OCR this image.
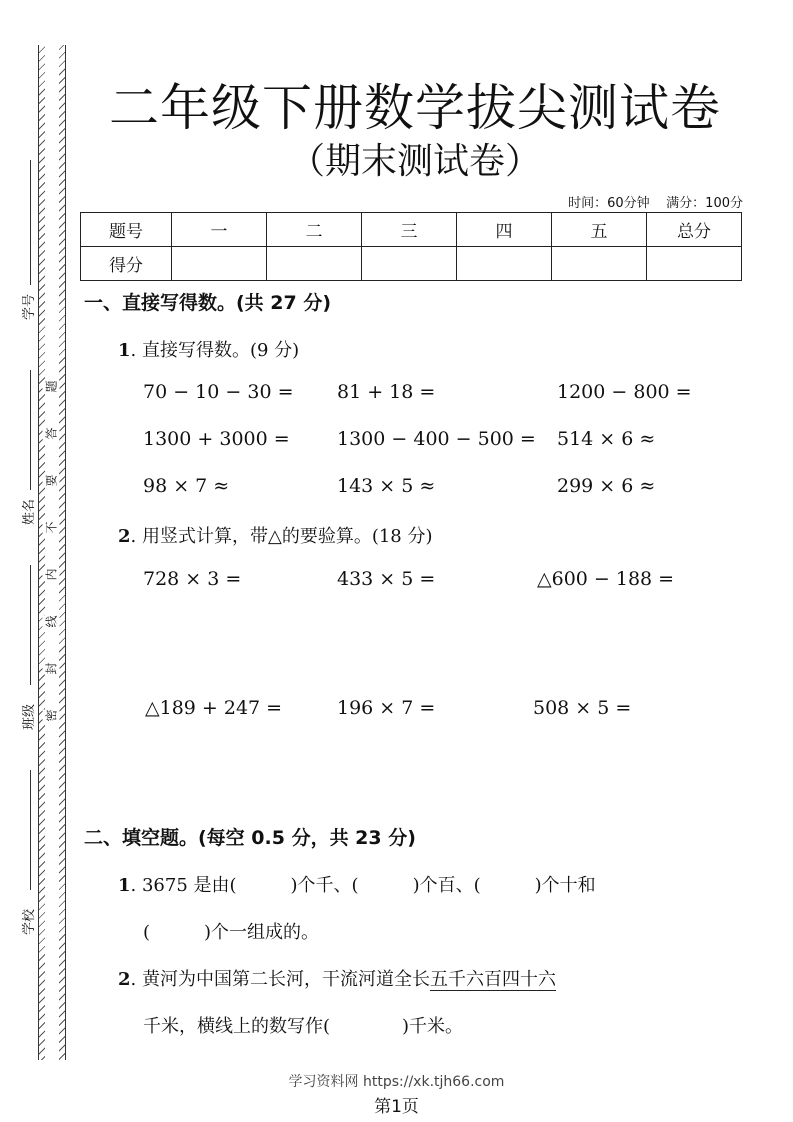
题
答
要
不
内
线
封
密
学号
姓名
班级
学校
二年级下册数学拔尖测试卷
（期末测试卷）
时间：60分钟 满分：100分
题号	一	二	三	四	五	总分
得分						
一、直接写得数。(共 27 分)
1. 直接写得数。(9 分)
70 − 10 − 30 = 81 + 18 =	1200 − 800 =
1300 + 3000 = 1300 − 400 − 500 = 514 × 6 ≈
98 × 7 ≈	143 × 5 ≈	299 × 6 ≈
2. 用竖式计算，带△的要验算。(18 分)
728 × 3 =	433 × 5 =	△600 − 188 =
△189 + 247 =	196 × 7 =	508 × 5 =
二、填空题。(每空 0.5 分，共 23 分)
1. 3675 是由(　　　)个千、(　　　)个百、(　　　)个十和
(　　　)个一组成的。
2. 黄河为中国第二长河，干流河道全长五千六百四十六
千米，横线上的数写作(　　　　)千米。
学习资料网 https://xk.tjh66.com
第1页
